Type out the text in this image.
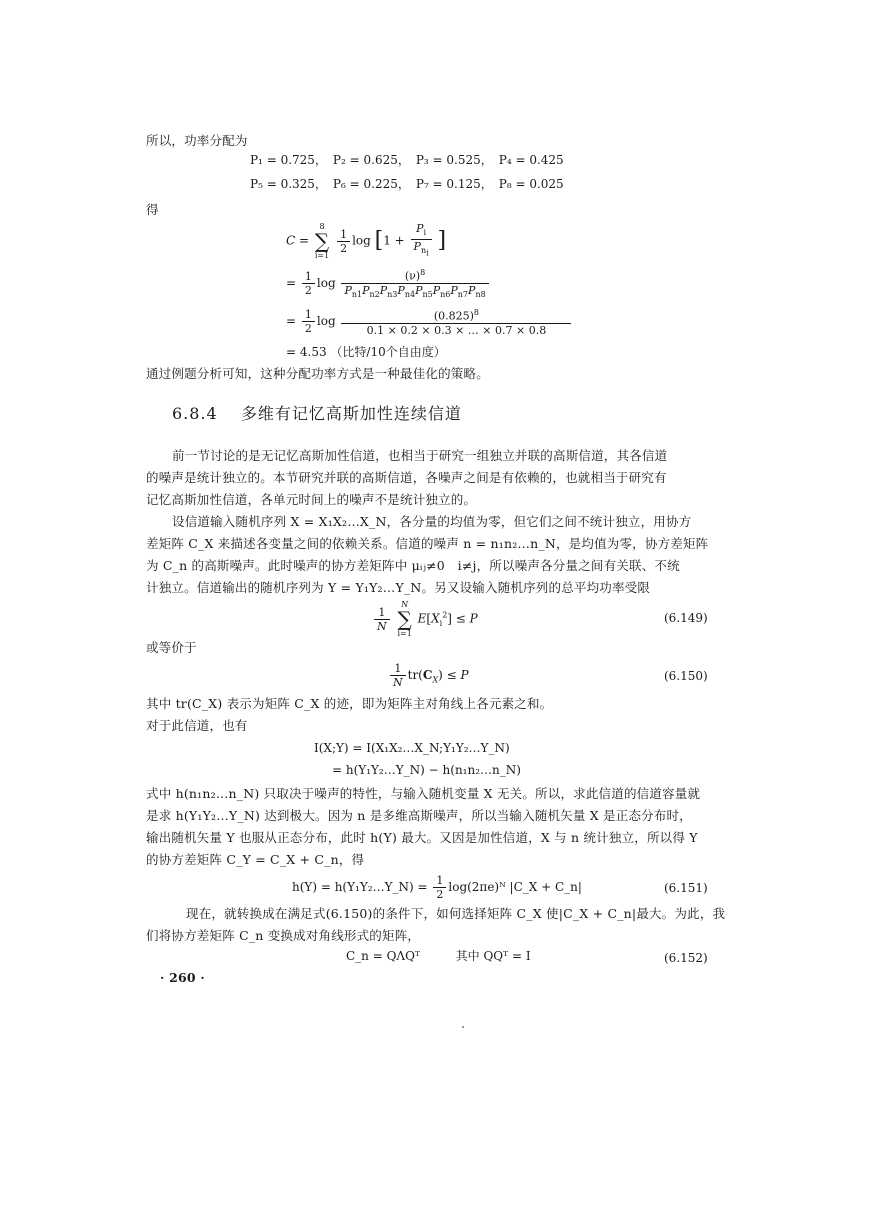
所以，功率分配为
P₁ = 0.725，　P₂ = 0.625，　P₃ = 0.525，　P₄ = 0.425
P₅ = 0.325，　P₆ = 0.225，　P₇ = 0.125，　P₈ = 0.025
得
C =
8
∑
i=1

$\frac{1}{2}$ $\log [1 + \frac{P_i}{P_{n_i}}$ ]
= $\frac{1}{2}$ $\log \frac{(\nu)^8}{P_{n1}P_{n2}P_{n3}P_{n4}P_{n5}P_{n6}P_{n7}P_{n8}}$
= $\frac{1}{2}$ $\log \frac{(0.825)^8}{0.1 \times 0.2 \times 0.3 \times \dots \times 0.7 \times 0.8}$
= 4.53 （比特/10个自由度）
通过例题分析可知，这种分配功率方式是一种最佳化的策略。
6.8.4　 多维有记忆高斯加性连续信道
前一节讨论的是无记忆高斯加性信道，也相当于研究一组独立并联的高斯信道，其各信道
的噪声是统计独立的。本节研究并联的高斯信道，各噪声之间是有依赖的，也就相当于研究有
记忆高斯加性信道，各单元时间上的噪声不是统计独立的。
设信道输入随机序列 X = X₁X₂…X_N，各分量的均值为零，但它们之间不统计独立，用协方
差矩阵 C_X 来描述各变量之间的依赖关系。信道的噪声 n = n₁n₂…n_N，是均值为零，协方差矩阵
为 C_n 的高斯噪声。此时噪声的协方差矩阵中 μᵢⱼ≠0　i≠j，所以噪声各分量之间有关联、不统
计独立。信道输出的随机序列为 Y = Y₁Y₂…Y_N。另又设输入随机序列的总平均功率受限
$\frac{1}{N}$

N
∑
i=1
$E[X_i^2] \le P$	(6.149)
或等价于
$\frac{1}{N} tr(C_X) \le P$	(6.150)
其中 tr(C_X) 表示为矩阵 C_X 的迹，即为矩阵主对角线上各元素之和。
对于此信道，也有
I(X;Y) = I(X₁X₂…X_N;Y₁Y₂…Y_N)
= h(Y₁Y₂…Y_N) − h(n₁n₂…n_N)
式中 h(n₁n₂…n_N) 只取决于噪声的特性，与输入随机变量 X 无关。所以，求此信道的信道容量就
是求 h(Y₁Y₂…Y_N) 达到极大。因为 n 是多维高斯噪声，所以当输入随机矢量 X 是正态分布时，
输出随机矢量 Y 也服从正态分布，此时 h(Y) 最大。又因是加性信道，X 与 n 统计独立，所以得 Y
的协方差矩阵 C_Y = C_X + C_n，得
h(Y) = h(Y₁Y₂…Y_N) = $\frac{1}{2}$ log(2πe)ᴺ |C_X + C_n|	(6.151)
现在，就转换成在满足式(6.150)的条件下，如何选择矩阵 C_X 使|C_X + C_n|最大。为此，我
们将协方差矩阵 C_n 变换成对角线形式的矩阵，
C_n = QΛQᵀ	其中 QQᵀ = I	(6.152)
· 260 ·
